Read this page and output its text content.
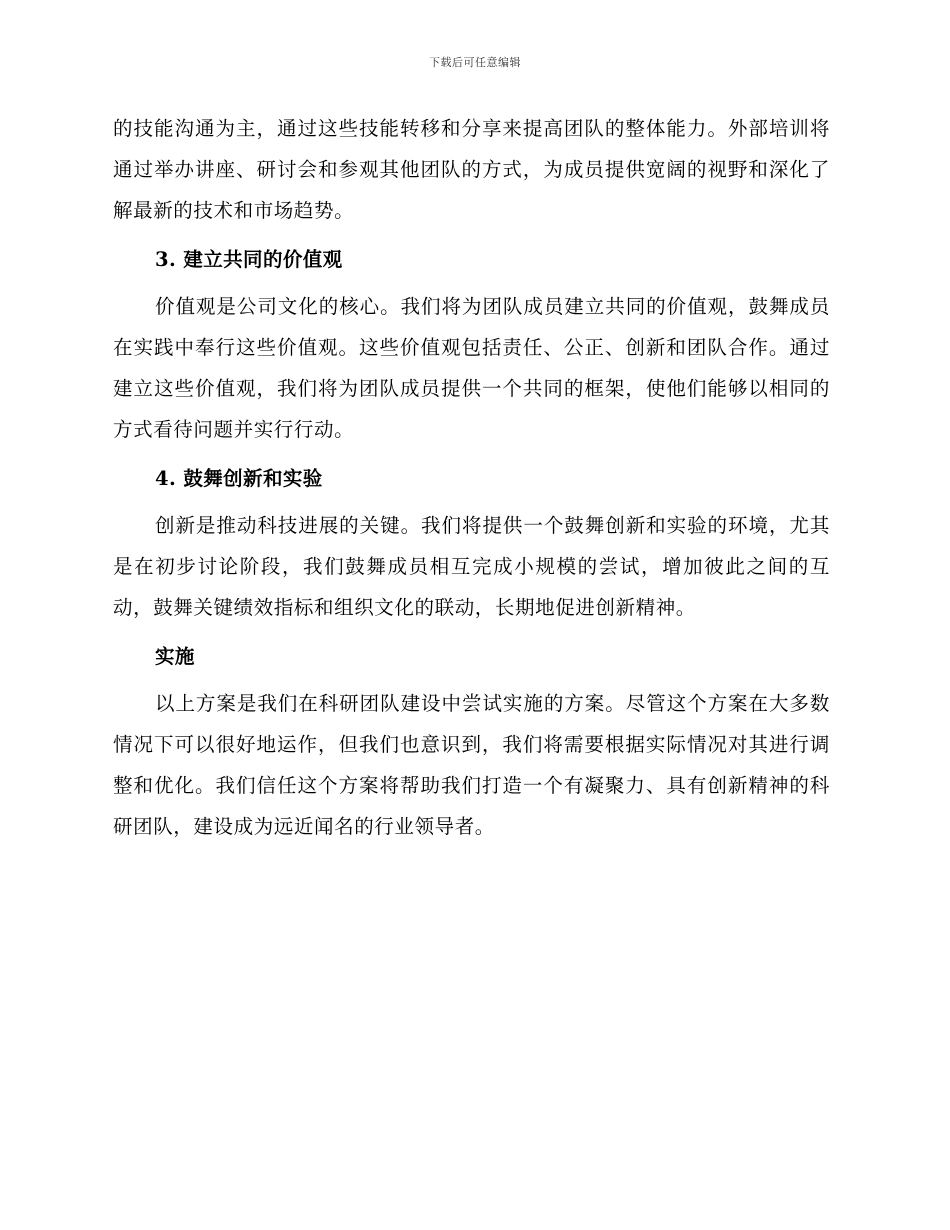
下载后可任意编辑

的技能沟通为主，通过这些技能转移和分享来提高团队的整体能力。外部培训将通过举办讲座、研讨会和参观其他团队的方式，为成员提供宽阔的视野和深化了解最新的技术和市场趋势。

3. 建立共同的价值观

价值观是公司文化的核心。我们将为团队成员建立共同的价值观，鼓舞成员在实践中奉行这些价值观。这些价值观包括责任、公正、创新和团队合作。通过建立这些价值观，我们将为团队成员提供一个共同的框架，使他们能够以相同的方式看待问题并实行行动。

4. 鼓舞创新和实验

创新是推动科技进展的关键。我们将提供一个鼓舞创新和实验的环境，尤其是在初步讨论阶段，我们鼓舞成员相互完成小规模的尝试，增加彼此之间的互动，鼓舞关键绩效指标和组织文化的联动，长期地促进创新精神。

实施

以上方案是我们在科研团队建设中尝试实施的方案。尽管这个方案在大多数情况下可以很好地运作，但我们也意识到，我们将需要根据实际情况对其进行调整和优化。我们信任这个方案将帮助我们打造一个有凝聚力、具有创新精神的科研团队，建设成为远近闻名的行业领导者。
